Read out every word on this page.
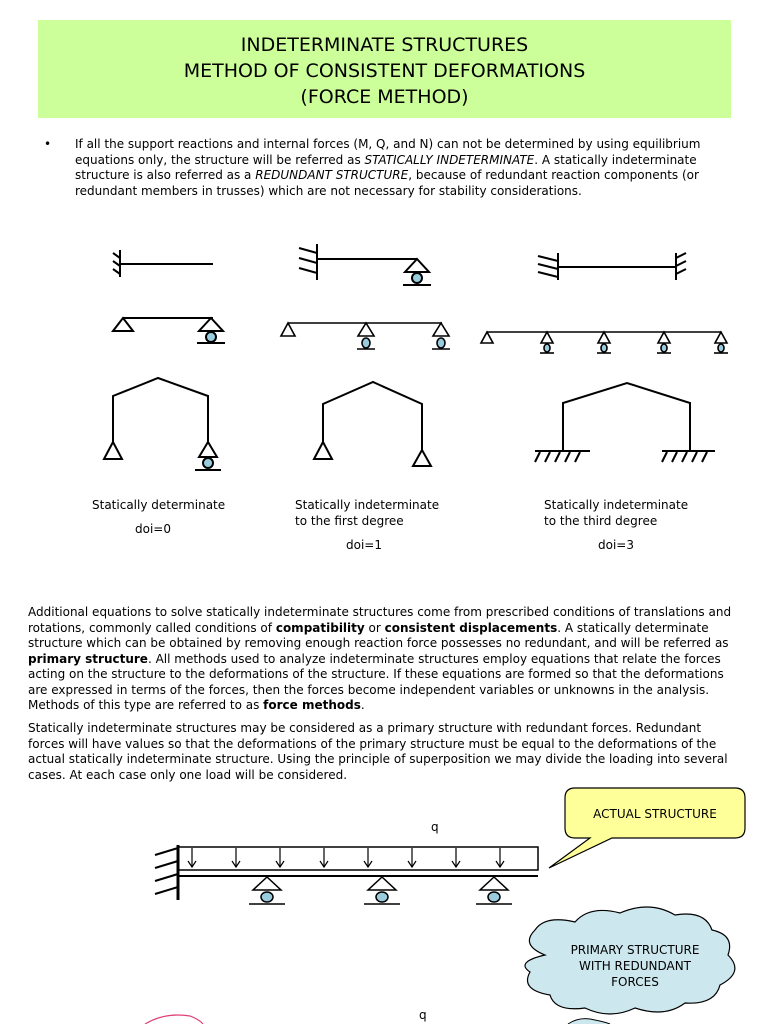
INDETERMINATE STRUCTURES
METHOD OF CONSISTENT DEFORMATIONS
(FORCE METHOD)
• If all the support reactions and internal forces (M, Q, and N) can not be determined by using equilibrium equations only, the structure will be referred as STATICALLY INDETERMINATE. A statically indeterminate structure is also referred as a REDUNDANT STRUCTURE, because of redundant reaction components (or redundant members in trusses) which are not necessary for stability considerations.
Statically determinate
doi=0
Statically indeterminate
to the first degree
doi=1
Statically indeterminate
to the third degree
doi=3
Additional equations to solve statically indeterminate structures come from prescribed conditions of translations and rotations, commonly called conditions of compatibility or consistent displacements. A statically determinate structure which can be obtained by removing enough reaction force possesses no redundant, and will be referred as primary structure. All methods used to analyze indeterminate structures employ equations that relate the forces acting on the structure to the deformations of the structure. If these equations are formed so that the deformations are expressed in terms of the forces, then the forces become independent variables or unknowns in the analysis. Methods of this type are referred to as force methods.
Statically indeterminate structures may be considered as a primary structure with redundant forces. Redundant forces will have values so that the deformations of the primary structure must be equal to the deformations of the actual statically indeterminate structure. Using the principle of superposition we may divide the loading into several cases. At each case only one load will be considered.
q
q
ACTUAL STRUCTURE
PRIMARY STRUCTURE
WITH REDUNDANT
FORCES
